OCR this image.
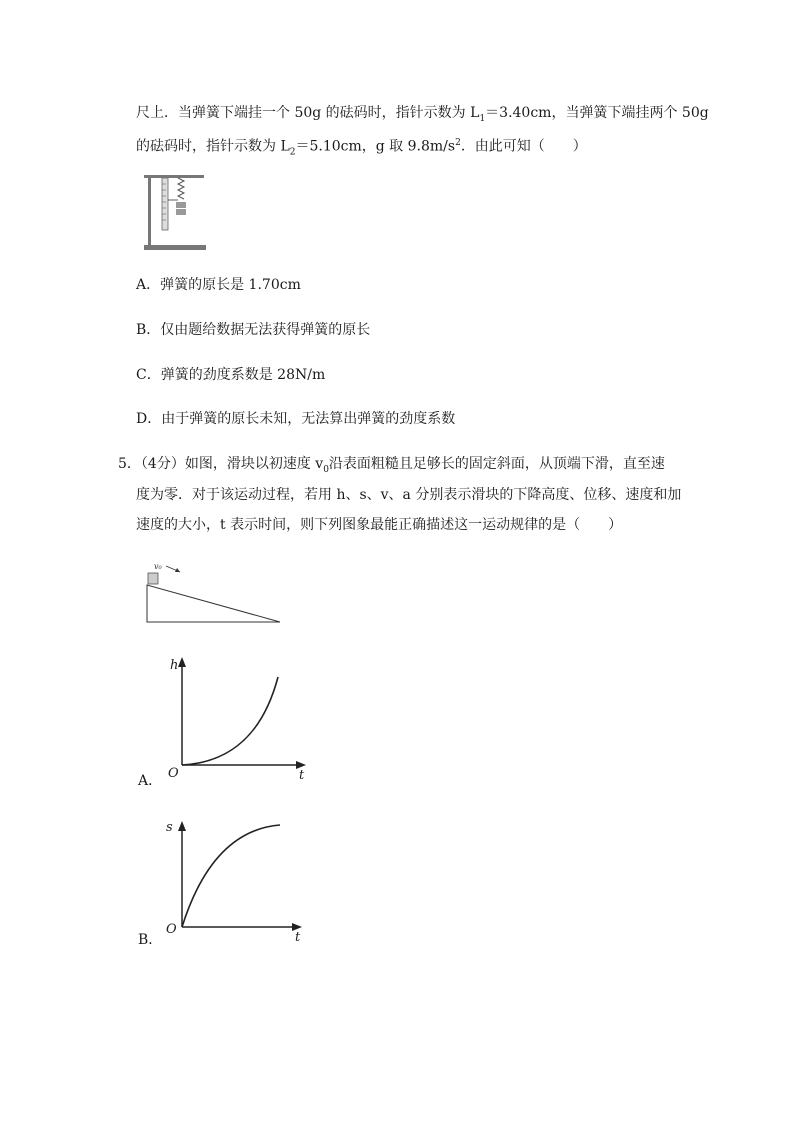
尺上．当弹簧下端挂一个 50g 的砝码时，指针示数为 $L_1=3.40cm$，当弹簧下端挂两个 50g
的砝码时，指针示数为 $L_2=5.10cm$，g 取 $9.8m/s^2$．由此可知（　　）
A．弹簧的原长是 1.70cm
B．仅由题给数据无法获得弹簧的原长
C．弹簧的劲度系数是 28N/m
D．由于弹簧的原长未知，无法算出弹簧的劲度系数
5．（4分）如图，滑块以初速度 $v_0$沿表面粗糙且足够长的固定斜面，从顶端下滑，直至速
度为零．对于该运动过程，若用 h、s、v、a 分别表示滑块的下降高度、位移、速度和加
速度的大小，t 表示时间，则下列图象最能正确描述这一运动规律的是（　　）
v₀
h
t
O
A．
s
t
O
B．
